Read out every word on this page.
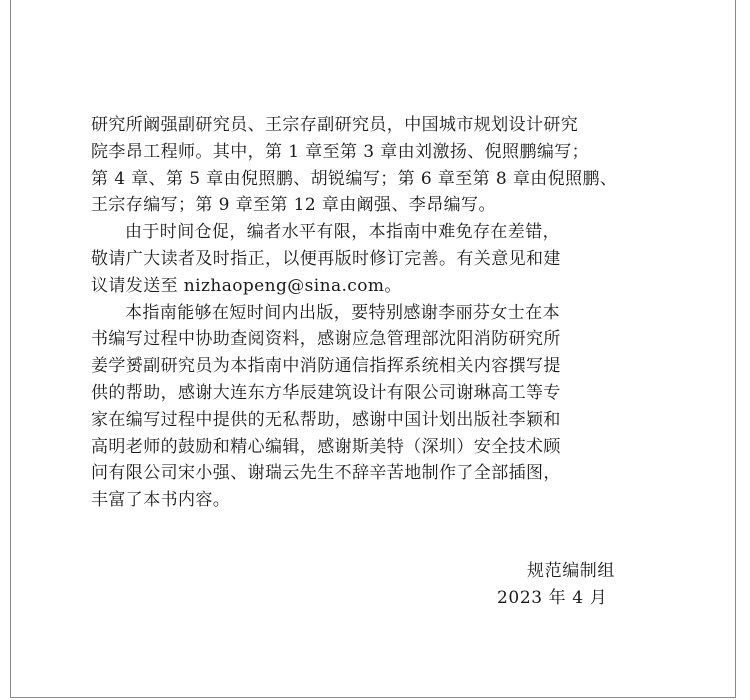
研究所阚强副研究员、王宗存副研究员，中国城市规划设计研究
院李昂工程师。其中，第 1 章至第 3 章由刘激扬、倪照鹏编写；
第 4 章、第 5 章由倪照鹏、胡锐编写；第 6 章至第 8 章由倪照鹏、
王宗存编写；第 9 章至第 12 章由阚强、李昂编写。
由于时间仓促，编者水平有限，本指南中难免存在差错，
敬请广大读者及时指正，以便再版时修订完善。有关意见和建
议请发送至 nizhaopeng@sina.com。
本指南能够在短时间内出版，要特别感谢李丽芬女士在本
书编写过程中协助查阅资料，感谢应急管理部沈阳消防研究所
姜学赟副研究员为本指南中消防通信指挥系统相关内容撰写提
供的帮助，感谢大连东方华辰建筑设计有限公司谢琳高工等专
家在编写过程中提供的无私帮助，感谢中国计划出版社李颖和
高明老师的鼓励和精心编辑，感谢斯美特（深圳）安全技术顾
问有限公司宋小强、谢瑞云先生不辞辛苦地制作了全部插图，
丰富了本书内容。
规范编制组
2023 年 4 月
